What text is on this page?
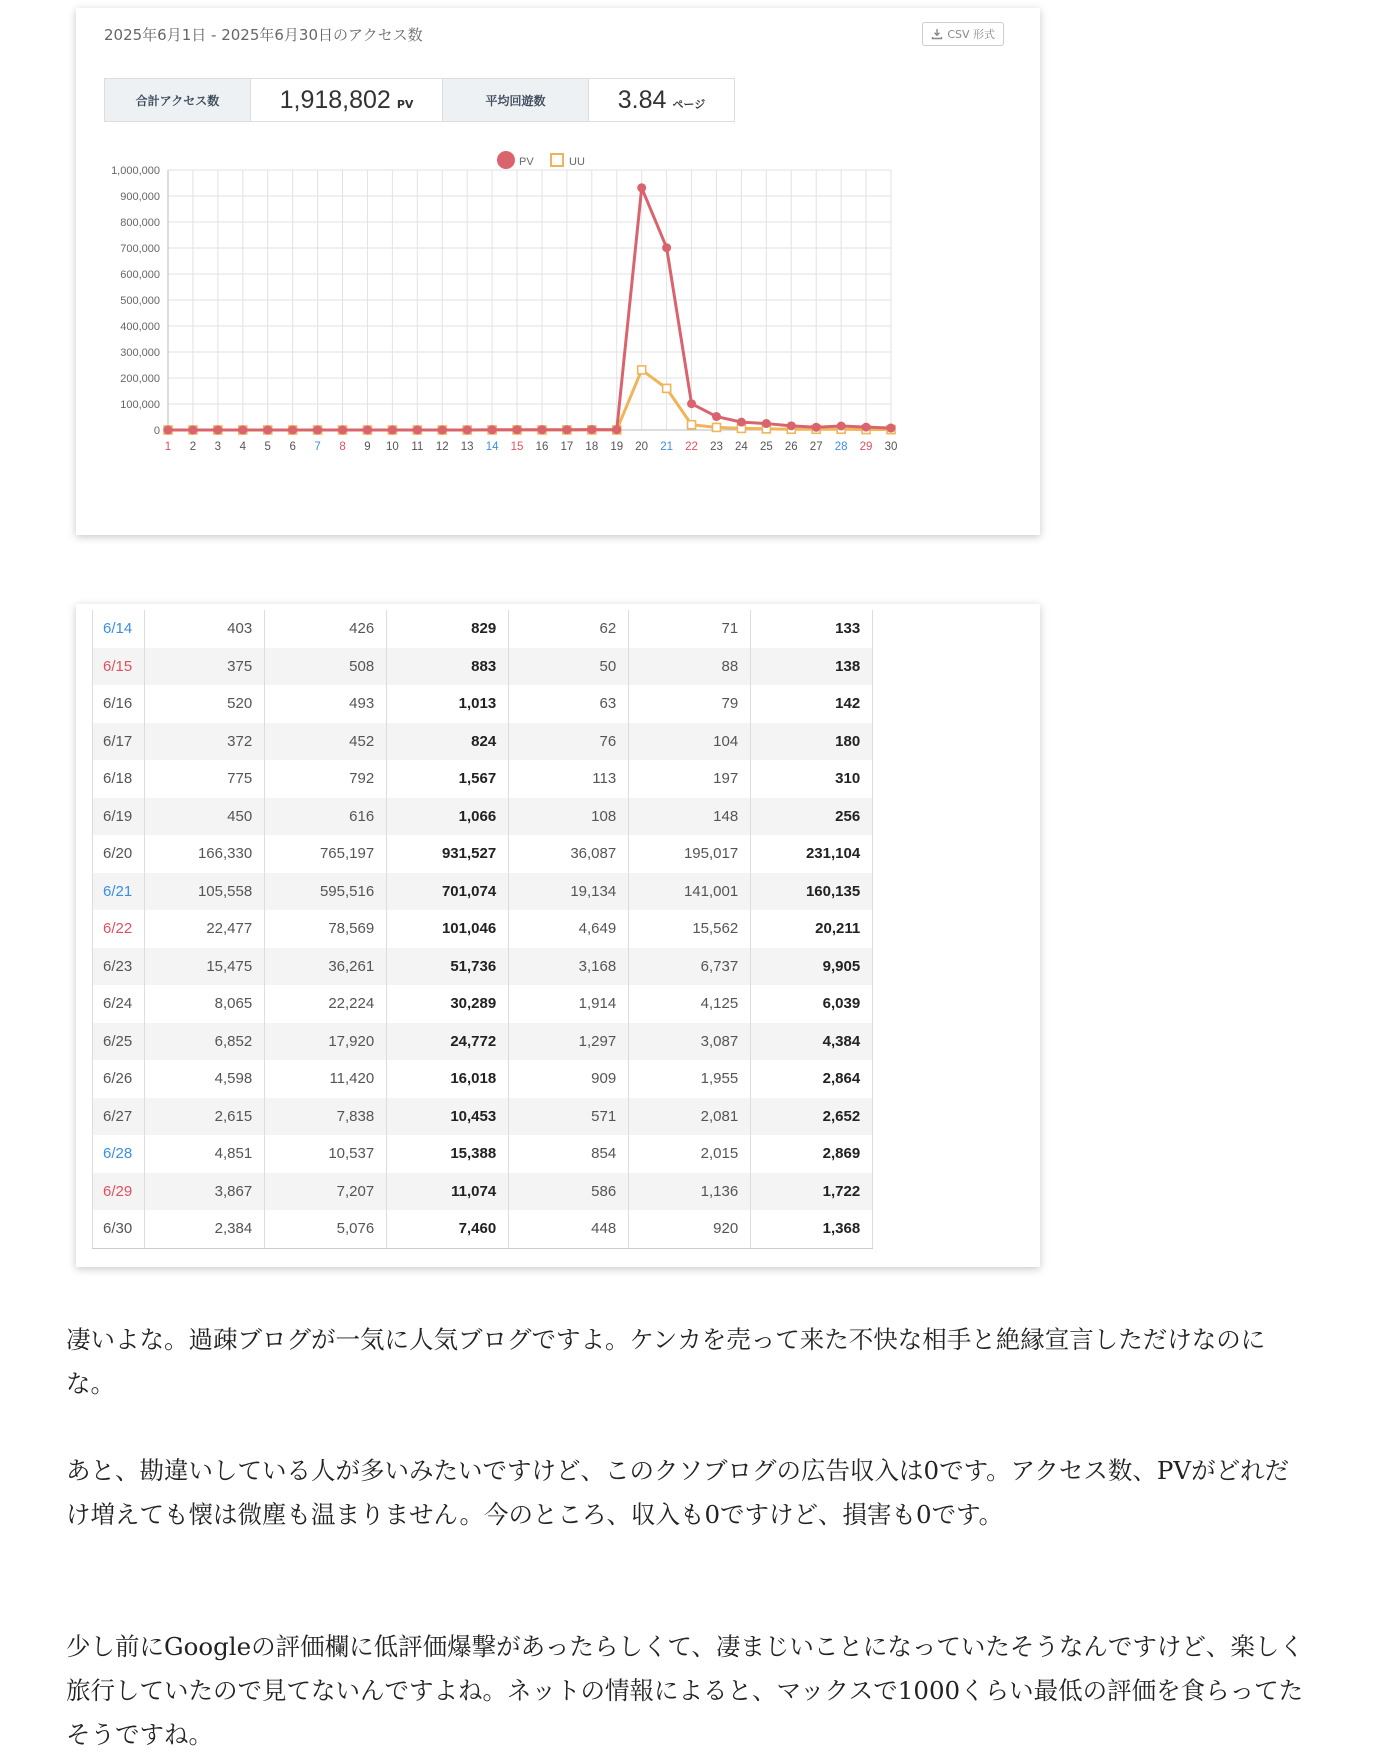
2025年6月1日 - 2025年6月30日のアクセス数	CSV 形式
合計アクセス数	1,918,802 PV	平均回遊数	3.84 ページ
0
100,000
200,000
300,000
400,000
500,000
600,000
700,000
800,000
900,000
1,000,000
1 2 3 4 5 6 7 8 9 10 11 12 13 14 15 16 17 18 19 20 21 22 23 24 25 26 27 28 29 30
PV	UU
6/14	403	426	829	62	71	133
6/15	375	508	883	50	88	138
6/16	520	493	1,013	63	79	142
6/17	372	452	824	76	104	180
6/18	775	792	1,567	113	197	310
6/19	450	616	1,066	108	148	256
6/20	166,330	765,197	931,527	36,087	195,017	231,104
6/21	105,558	595,516	701,074	19,134	141,001	160,135
6/22	22,477	78,569	101,046	4,649	15,562	20,211
6/23	15,475	36,261	51,736	3,168	6,737	9,905
6/24	8,065	22,224	30,289	1,914	4,125	6,039
6/25	6,852	17,920	24,772	1,297	3,087	4,384
6/26	4,598	11,420	16,018	909	1,955	2,864
6/27	2,615	7,838	10,453	571	2,081	2,652
6/28	4,851	10,537	15,388	854	2,015	2,869
6/29	3,867	7,207	11,074	586	1,136	1,722
6/30	2,384	5,076	7,460	448	920	1,368
凄いよな。過疎ブログが一気に人気ブログですよ。ケンカを売って来た不快な相手と絶縁宣言しただけなのにな。
あと、勘違いしている人が多いみたいですけど、このクソブログの広告収入は0です。アクセス数、PVがどれだけ増えても懐は微塵も温まりません。今のところ、収入も0ですけど、損害も0です。
少し前にGoogleの評価欄に低評価爆撃があったらしくて、凄まじいことになっていたそうなんですけど、楽しく旅行していたので見てないんですよね。ネットの情報によると、マックスで1000くらい最低の評価を食らってたそうですね。
